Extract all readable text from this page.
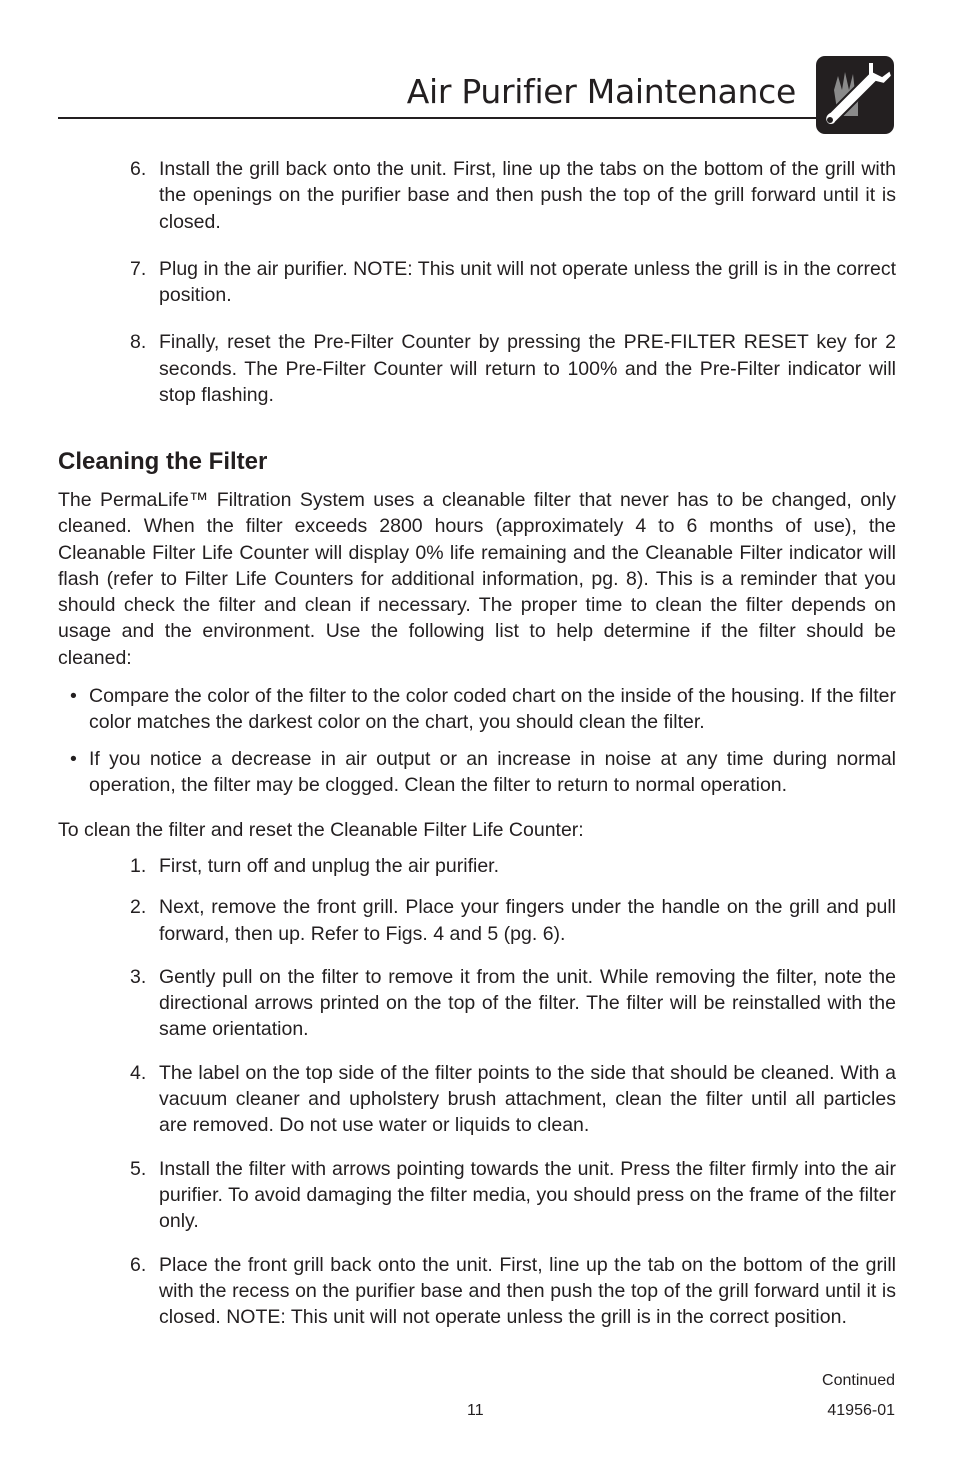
Air Purifier Maintenance
6. Install the grill back onto the unit. First, line up the tabs on the bottom of the grill with the openings on the purifier base and then push the top of the grill forward until it is closed.
7. Plug in the air purifier. NOTE: This unit will not operate unless the grill is in the correct position.
8. Finally, reset the Pre-Filter Counter by pressing the PRE-FILTER RESET key for 2 seconds. The Pre-Filter Counter will return to 100% and the Pre-Filter indicator will stop flashing.
Cleaning the Filter

The PermaLife™ Filtration System uses a cleanable filter that never has to be changed, only cleaned. When the filter exceeds 2800 hours (approximately 4 to 6 months of use), the Cleanable Filter Life Counter will display 0% life remaining and the Cleanable Filter indicator will flash (refer to Filter Life Counters for additional information, pg. 8). This is a reminder that you should check the filter and clean if necessary. The proper time to clean the filter depends on usage and the environment. Use the following list to help determine if the filter should be cleaned:

• Compare the color of the filter to the color coded chart on the inside of the housing. If the filter color matches the darkest color on the chart, you should clean the filter.
• If you notice a decrease in air output or an increase in noise at any time during normal operation, the filter may be clogged. Clean the filter to return to normal operation.

To clean the filter and reset the Cleanable Filter Life Counter:

1. First, turn off and unplug the air purifier.
2. Next, remove the front grill. Place your fingers under the handle on the grill and pull forward, then up. Refer to Figs. 4 and 5 (pg. 6).
3. Gently pull on the filter to remove it from the unit. While removing the filter, note the directional arrows printed on the top of the filter. The filter will be reinstalled with the same orientation.
4. The label on the top side of the filter points to the side that should be cleaned. With a vacuum cleaner and upholstery brush attachment, clean the filter until all particles are removed. Do not use water or liquids to clean.
5. Install the filter with arrows pointing towards the unit. Press the filter firmly into the air purifier. To avoid damaging the filter media, you should press on the frame of the filter only.
6. Place the front grill back onto the unit. First, line up the tab on the bottom of the grill with the recess on the purifier base and then push the top of the grill forward until it is closed. NOTE: This unit will not operate unless the grill is in the correct position.
Continued
11	41956-01
